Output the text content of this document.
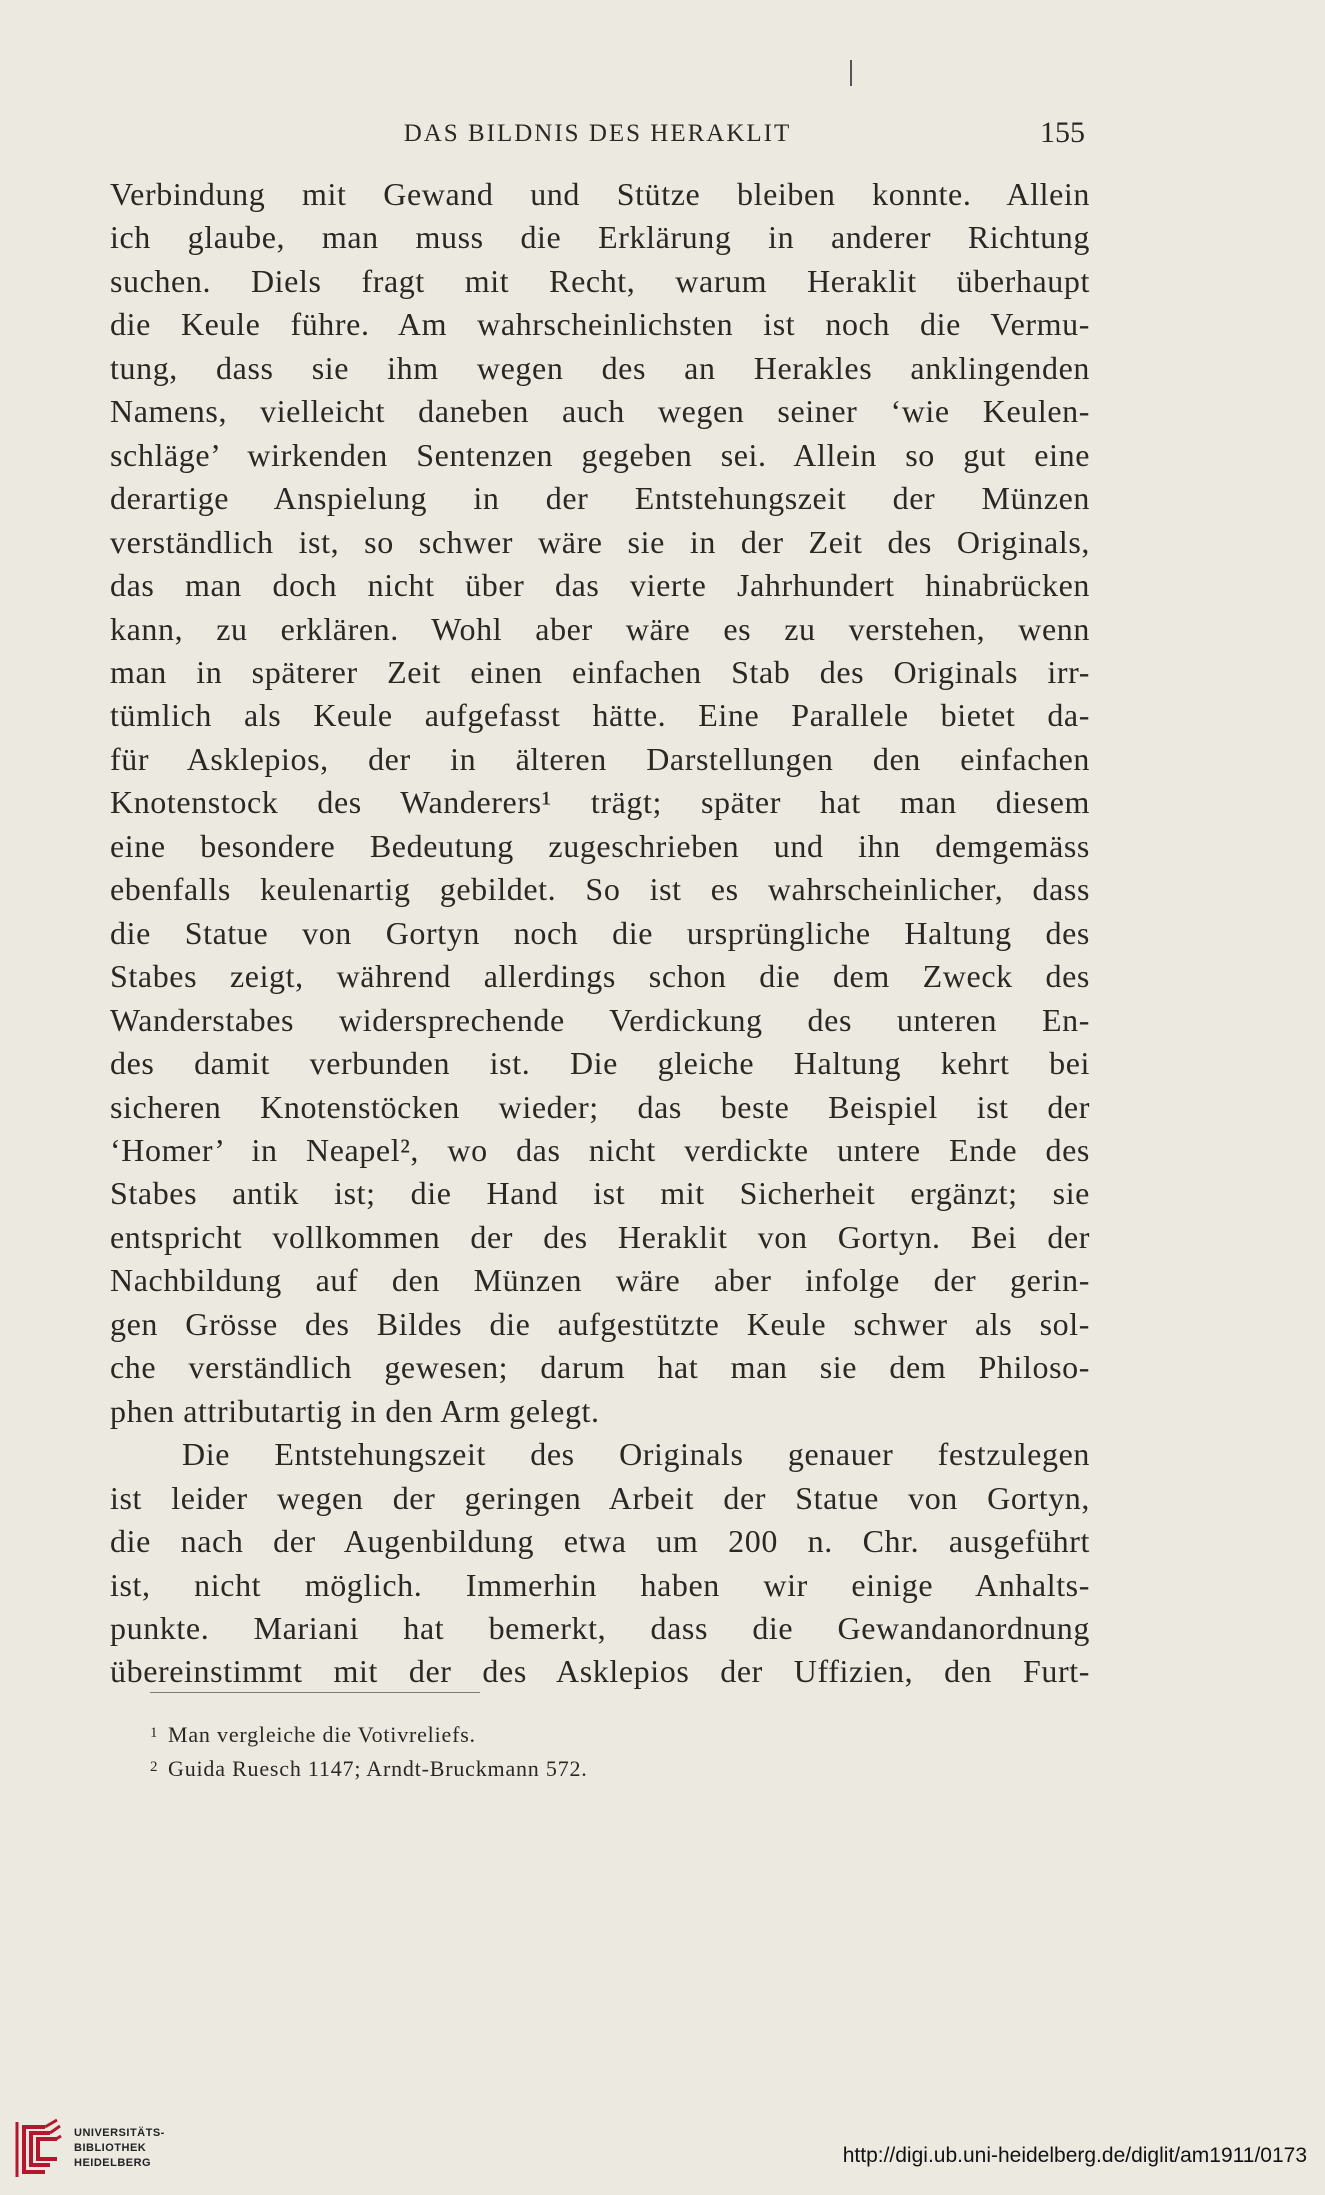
DAS BILDNIS DES HERAKLIT	155
Verbindung mit Gewand und Stütze bleiben konnte. Allein
ich glaube, man muss die Erklärung in anderer Richtung
suchen. Diels fragt mit Recht, warum Heraklit überhaupt
die Keule führe. Am wahrscheinlichsten ist noch die Vermu-
tung, dass sie ihm wegen des an Herakles anklingenden
Namens, vielleicht daneben auch wegen seiner ‘wie Keulen-
schläge’ wirkenden Sentenzen gegeben sei. Allein so gut eine
derartige Anspielung in der Entstehungszeit der Münzen
verständlich ist, so schwer wäre sie in der Zeit des Originals,
das man doch nicht über das vierte Jahrhundert hinabrücken
kann, zu erklären. Wohl aber wäre es zu verstehen, wenn
man in späterer Zeit einen einfachen Stab des Originals irr-
tümlich als Keule aufgefasst hätte. Eine Parallele bietet da-
für Asklepios, der in älteren Darstellungen den einfachen
Knotenstock des Wanderers¹ trägt; später hat man diesem
eine besondere Bedeutung zugeschrieben und ihn demgemäss
ebenfalls keulenartig gebildet. So ist es wahrscheinlicher, dass
die Statue von Gortyn noch die ursprüngliche Haltung des
Stabes zeigt, während allerdings schon die dem Zweck des
Wanderstabes widersprechende Verdickung des unteren En-
des damit verbunden ist. Die gleiche Haltung kehrt bei
sicheren Knotenstöcken wieder; das beste Beispiel ist der
‘Homer’ in Neapel², wo das nicht verdickte untere Ende des
Stabes antik ist; die Hand ist mit Sicherheit ergänzt; sie
entspricht vollkommen der des Heraklit von Gortyn. Bei der
Nachbildung auf den Münzen wäre aber infolge der gerin-
gen Grösse des Bildes die aufgestützte Keule schwer als sol-
che verständlich gewesen; darum hat man sie dem Philoso-
phen attributartig in den Arm gelegt.
Die Entstehungszeit des Originals genauer festzulegen
ist leider wegen der geringen Arbeit der Statue von Gortyn,
die nach der Augenbildung etwa um 200 n. Chr. ausgeführt
ist, nicht möglich. Immerhin haben wir einige Anhalts-
punkte. Mariani hat bemerkt, dass die Gewandanordnung
übereinstimmt mit der des Asklepios der Uffizien, den Furt-
1 Man vergleiche die Votivreliefs.
2 Guida Ruesch 1147; Arndt-Bruckmann 572.
UNIVERSITÄTS-
BIBLIOTHEK
HEIDELBERG	http://digi.ub.uni-heidelberg.de/diglit/am1911/0173
